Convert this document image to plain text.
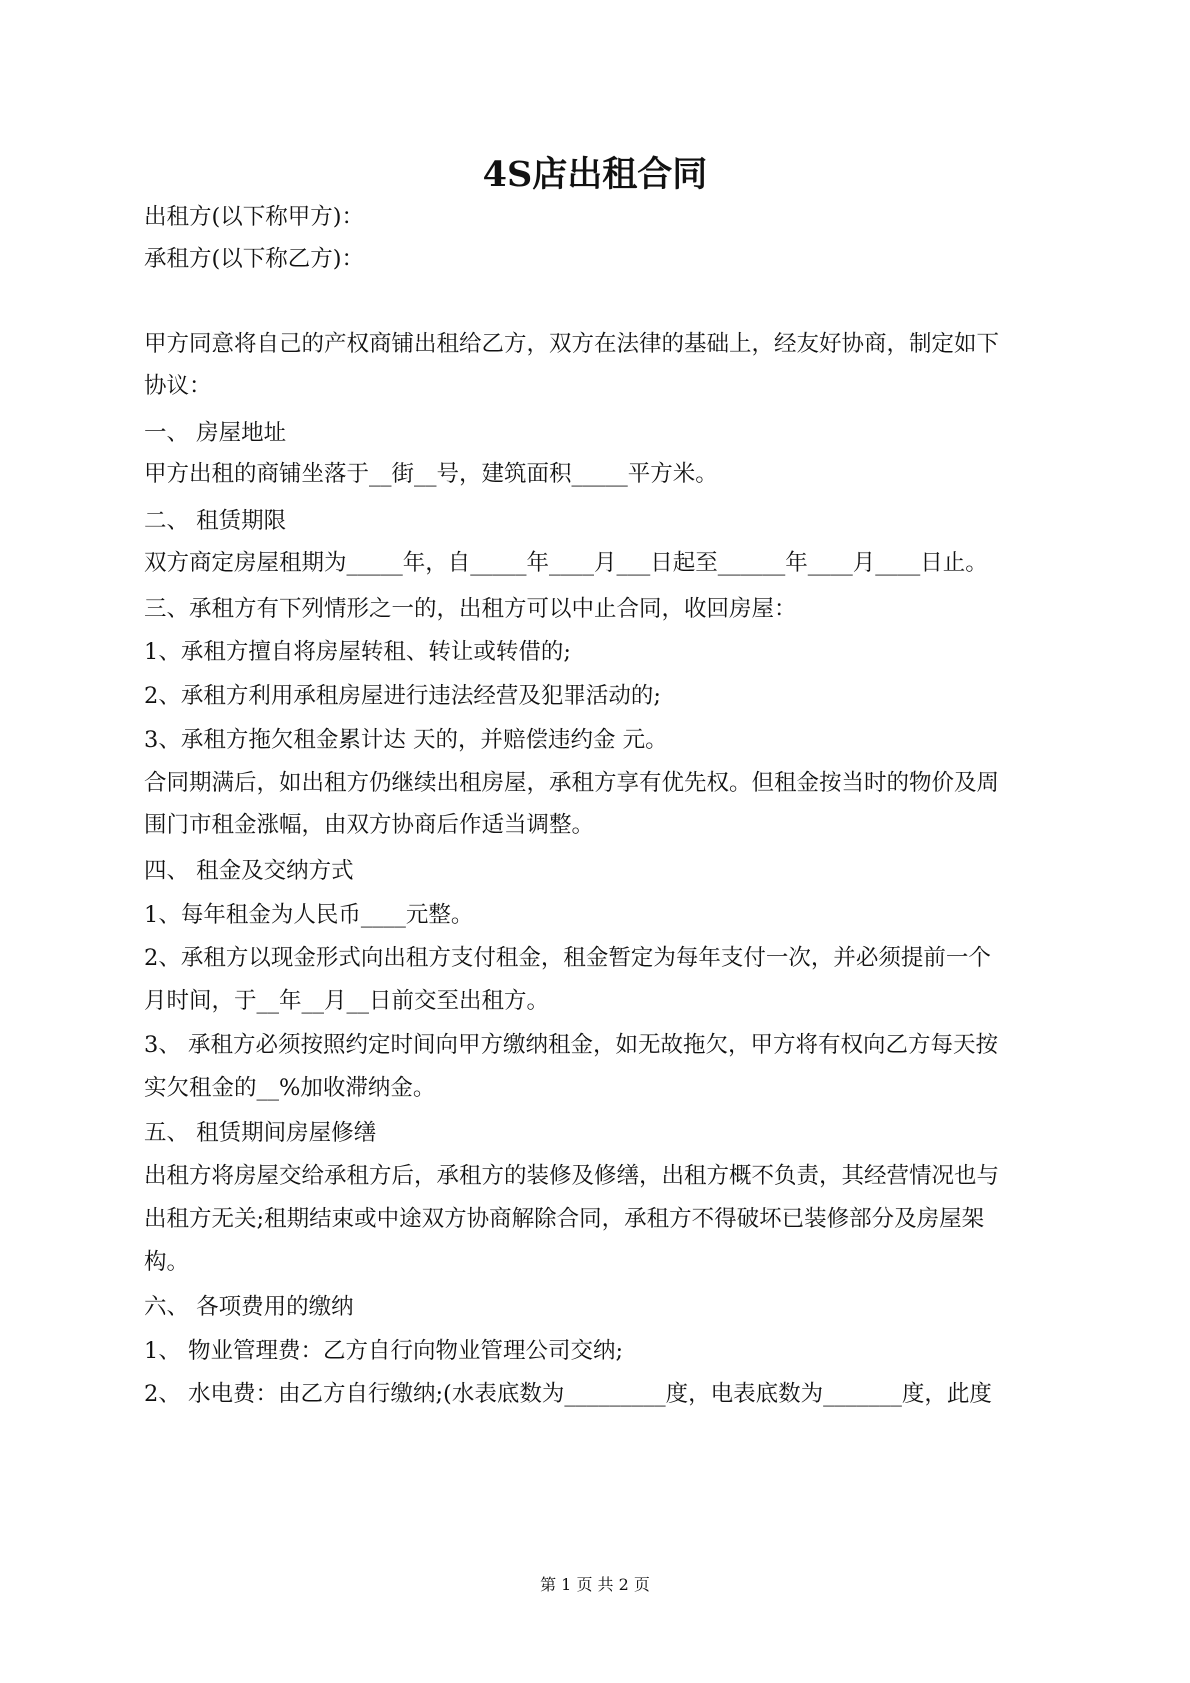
4S店出租合同
出租方(以下称甲方)：
承租方(以下称乙方)：
甲方同意将自己的产权商铺出租给乙方，双方在法律的基础上，经友好协商，制定如下
协议：
一、 房屋地址
甲方出租的商铺坐落于__街__号，建筑面积_____平方米。
二、 租赁期限
双方商定房屋租期为_____年，自_____年____月___日起至______年____月____日止。
三、承租方有下列情形之一的，出租方可以中止合同，收回房屋：
1、承租方擅自将房屋转租、转让或转借的;
2、承租方利用承租房屋进行违法经营及犯罪活动的;
3、承租方拖欠租金累计达 天的，并赔偿违约金 元。
合同期满后，如出租方仍继续出租房屋，承租方享有优先权。但租金按当时的物价及周
围门市租金涨幅，由双方协商后作适当调整。
四、 租金及交纳方式
1、每年租金为人民币____元整。
2、承租方以现金形式向出租方支付租金，租金暂定为每年支付一次，并必须提前一个
月时间，于__年__月__日前交至出租方。
3、 承租方必须按照约定时间向甲方缴纳租金，如无故拖欠，甲方将有权向乙方每天按
实欠租金的__%加收滞纳金。
五、 租赁期间房屋修缮
出租方将房屋交给承租方后，承租方的装修及修缮，出租方概不负责，其经营情况也与
出租方无关;租期结束或中途双方协商解除合同，承租方不得破坏已装修部分及房屋架
构。
六、 各项费用的缴纳
1、 物业管理费：乙方自行向物业管理公司交纳;
2、 水电费：由乙方自行缴纳;(水表底数为_________度，电表底数为_______度，此度
第 1 页 共 2 页
